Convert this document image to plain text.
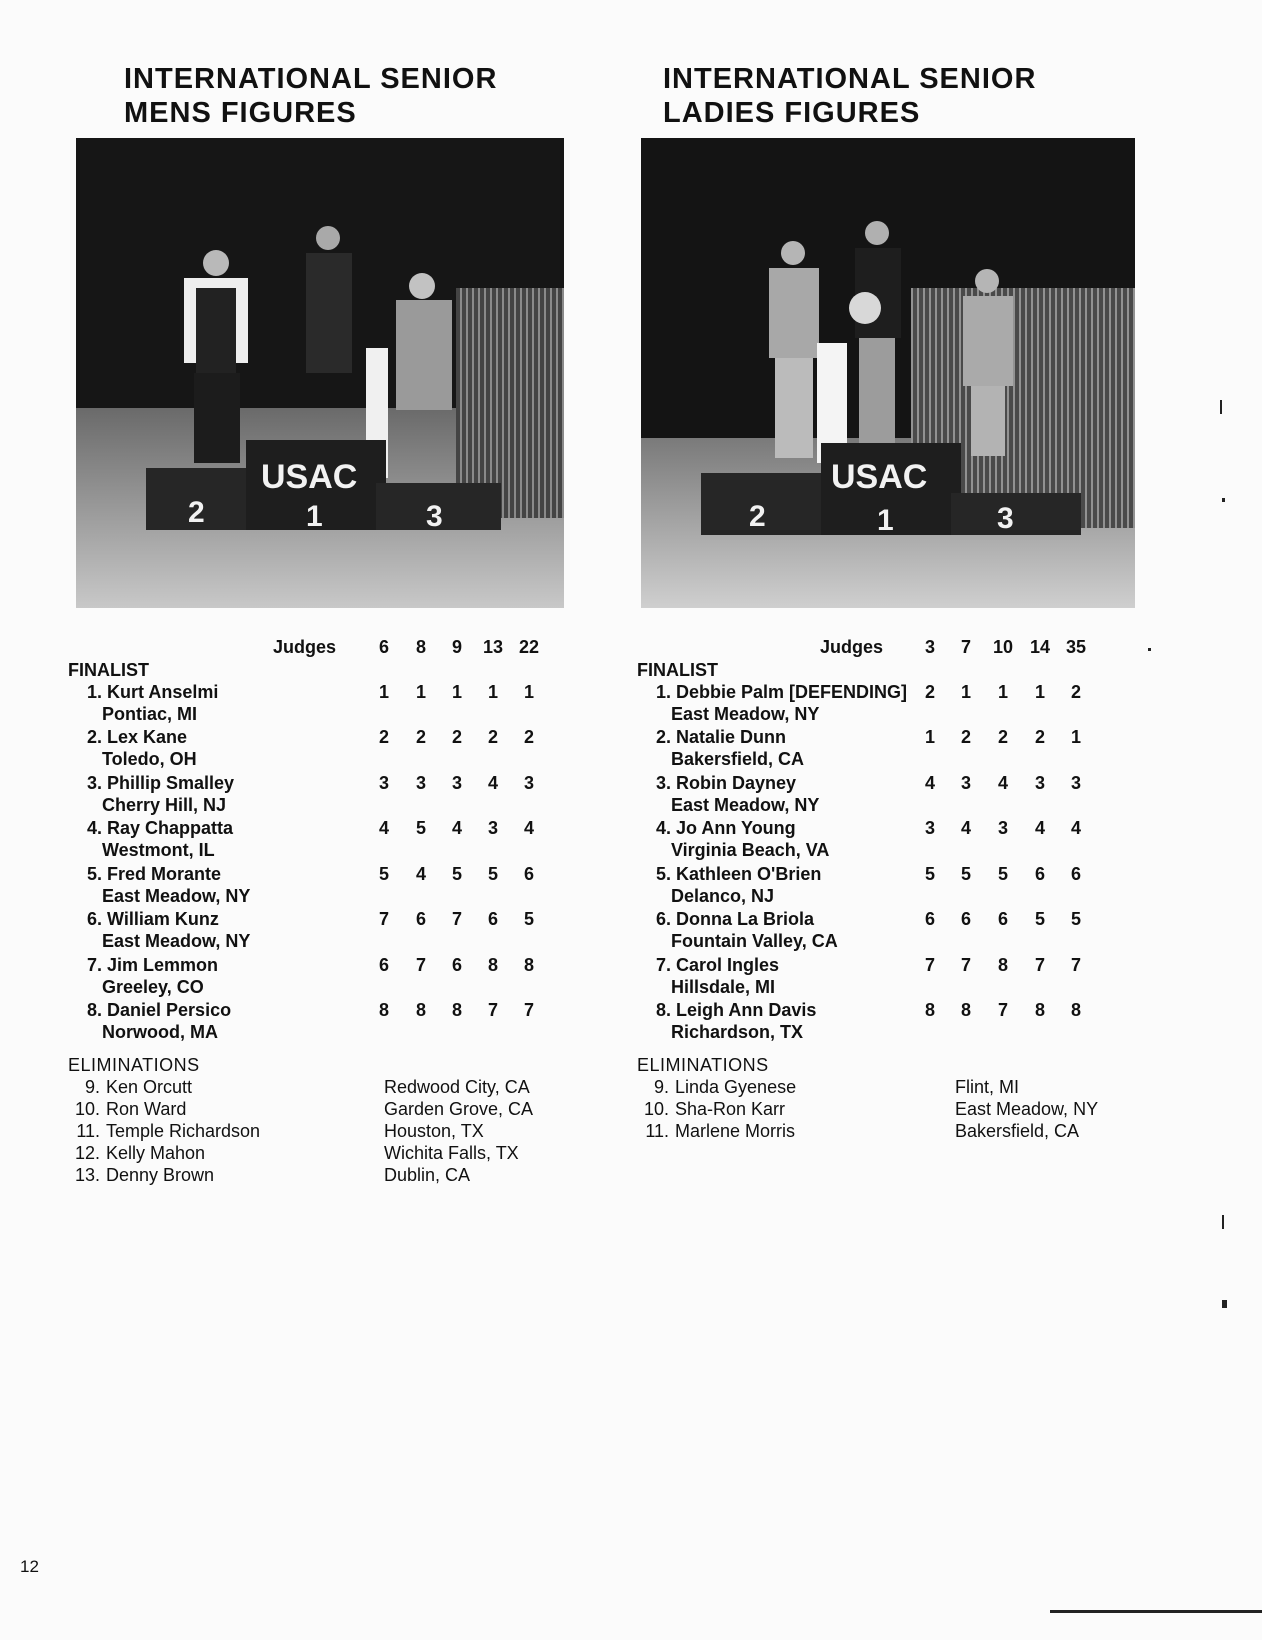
INTERNATIONAL SENIOR
MENS FIGURES
USAC
2	1	3
Judges	6	8	9	13 22
FINALIST
1. Kurt Anselmi
Pontiac, MI
1	1	1	1	1
2. Lex Kane
Toledo, OH
2	2	2	2	2
3. Phillip Smalley
Cherry Hill, NJ
3	3	3	4	3
4. Ray Chappatta
Westmont, IL
4	5	4	3	4
5. Fred Morante
East Meadow, NY
5	4	5	5	6
6. William Kunz
East Meadow, NY
7	6	7	6	5
7. Jim Lemmon
Greeley, CO
6	7	6	8	8
8. Daniel Persico
Norwood, MA
8	8	8	7	7
ELIMINATIONS
9. Ken Orcutt	Redwood City, CA
10. Ron Ward	Garden Grove, CA
11. Temple Richardson	Houston, TX
12. Kelly Mahon	Wichita Falls, TX
13. Denny Brown	Dublin, CA
INTERNATIONAL SENIOR
LADIES FIGURES
USAC
2	1	3
Judges	3	7	10 14 35
FINALIST
1. Debbie Palm [DEFENDING]
East Meadow, NY
2	1	1	1	2
2. Natalie Dunn
Bakersfield, CA
1	2	2	2	1
3. Robin Dayney
East Meadow, NY
4	3	4	3	3
4. Jo Ann Young
Virginia Beach, VA
3	4	3	4	4
5. Kathleen O'Brien
Delanco, NJ
5	5	5	6	6
6. Donna La Briola
Fountain Valley, CA
6	6	6	5	5
7. Carol Ingles
Hillsdale, MI
7	7	8	7	7
8. Leigh Ann Davis
Richardson, TX
8	8	7	8	8
ELIMINATIONS
9. Linda Gyenese	Flint, MI
10. Sha-Ron Karr	East Meadow, NY
11. Marlene Morris	Bakersfield, CA
12
